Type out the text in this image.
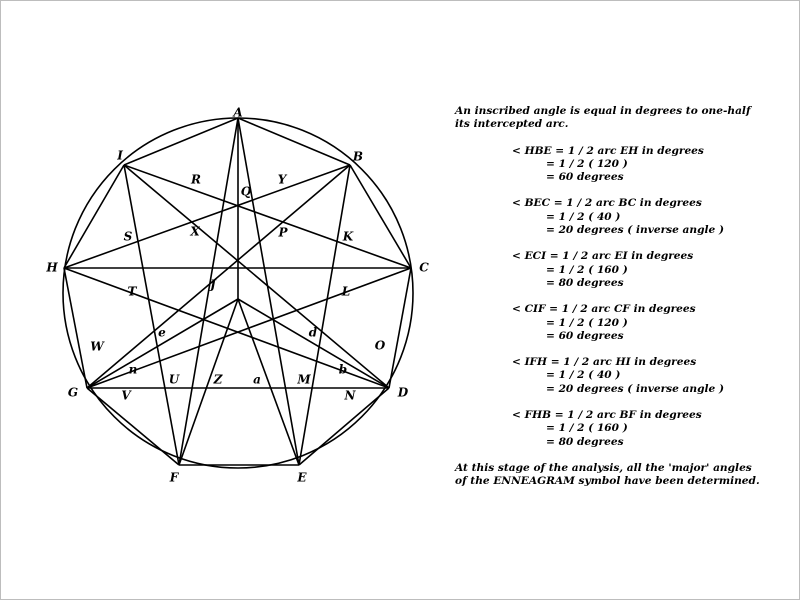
A
B
C
D
E
F
G
H
I
J
K
L
M
N
O
P
Q
R
S
T
U
V
W
X
Y
Z	a
b
d
e
n

An inscribed angle is equal in degrees to one-half

its intercepted arc.

< HBE = 1 / 2 arc EH in degrees

= 1 / 2 ( 120 )

= 60 degrees

< BEC = 1 / 2 arc BC in degrees

= 1 / 2 ( 40 )

= 20 degrees ( inverse angle )

< ECI = 1 / 2 arc EI in degrees

= 1 / 2 ( 160 )

= 80 degrees

< CIF = 1 / 2 arc CF in degrees

= 1 / 2 ( 120 )

= 60 degrees

< IFH = 1 / 2 arc HI in degrees

= 1 / 2 ( 40 )

= 20 degrees ( inverse angle )

< FHB = 1 / 2 arc BF in degrees

= 1 / 2 ( 160 )

= 80 degrees

At this stage of the analysis, all the 'major' angles

of the ENNEAGRAM symbol have been determined.
